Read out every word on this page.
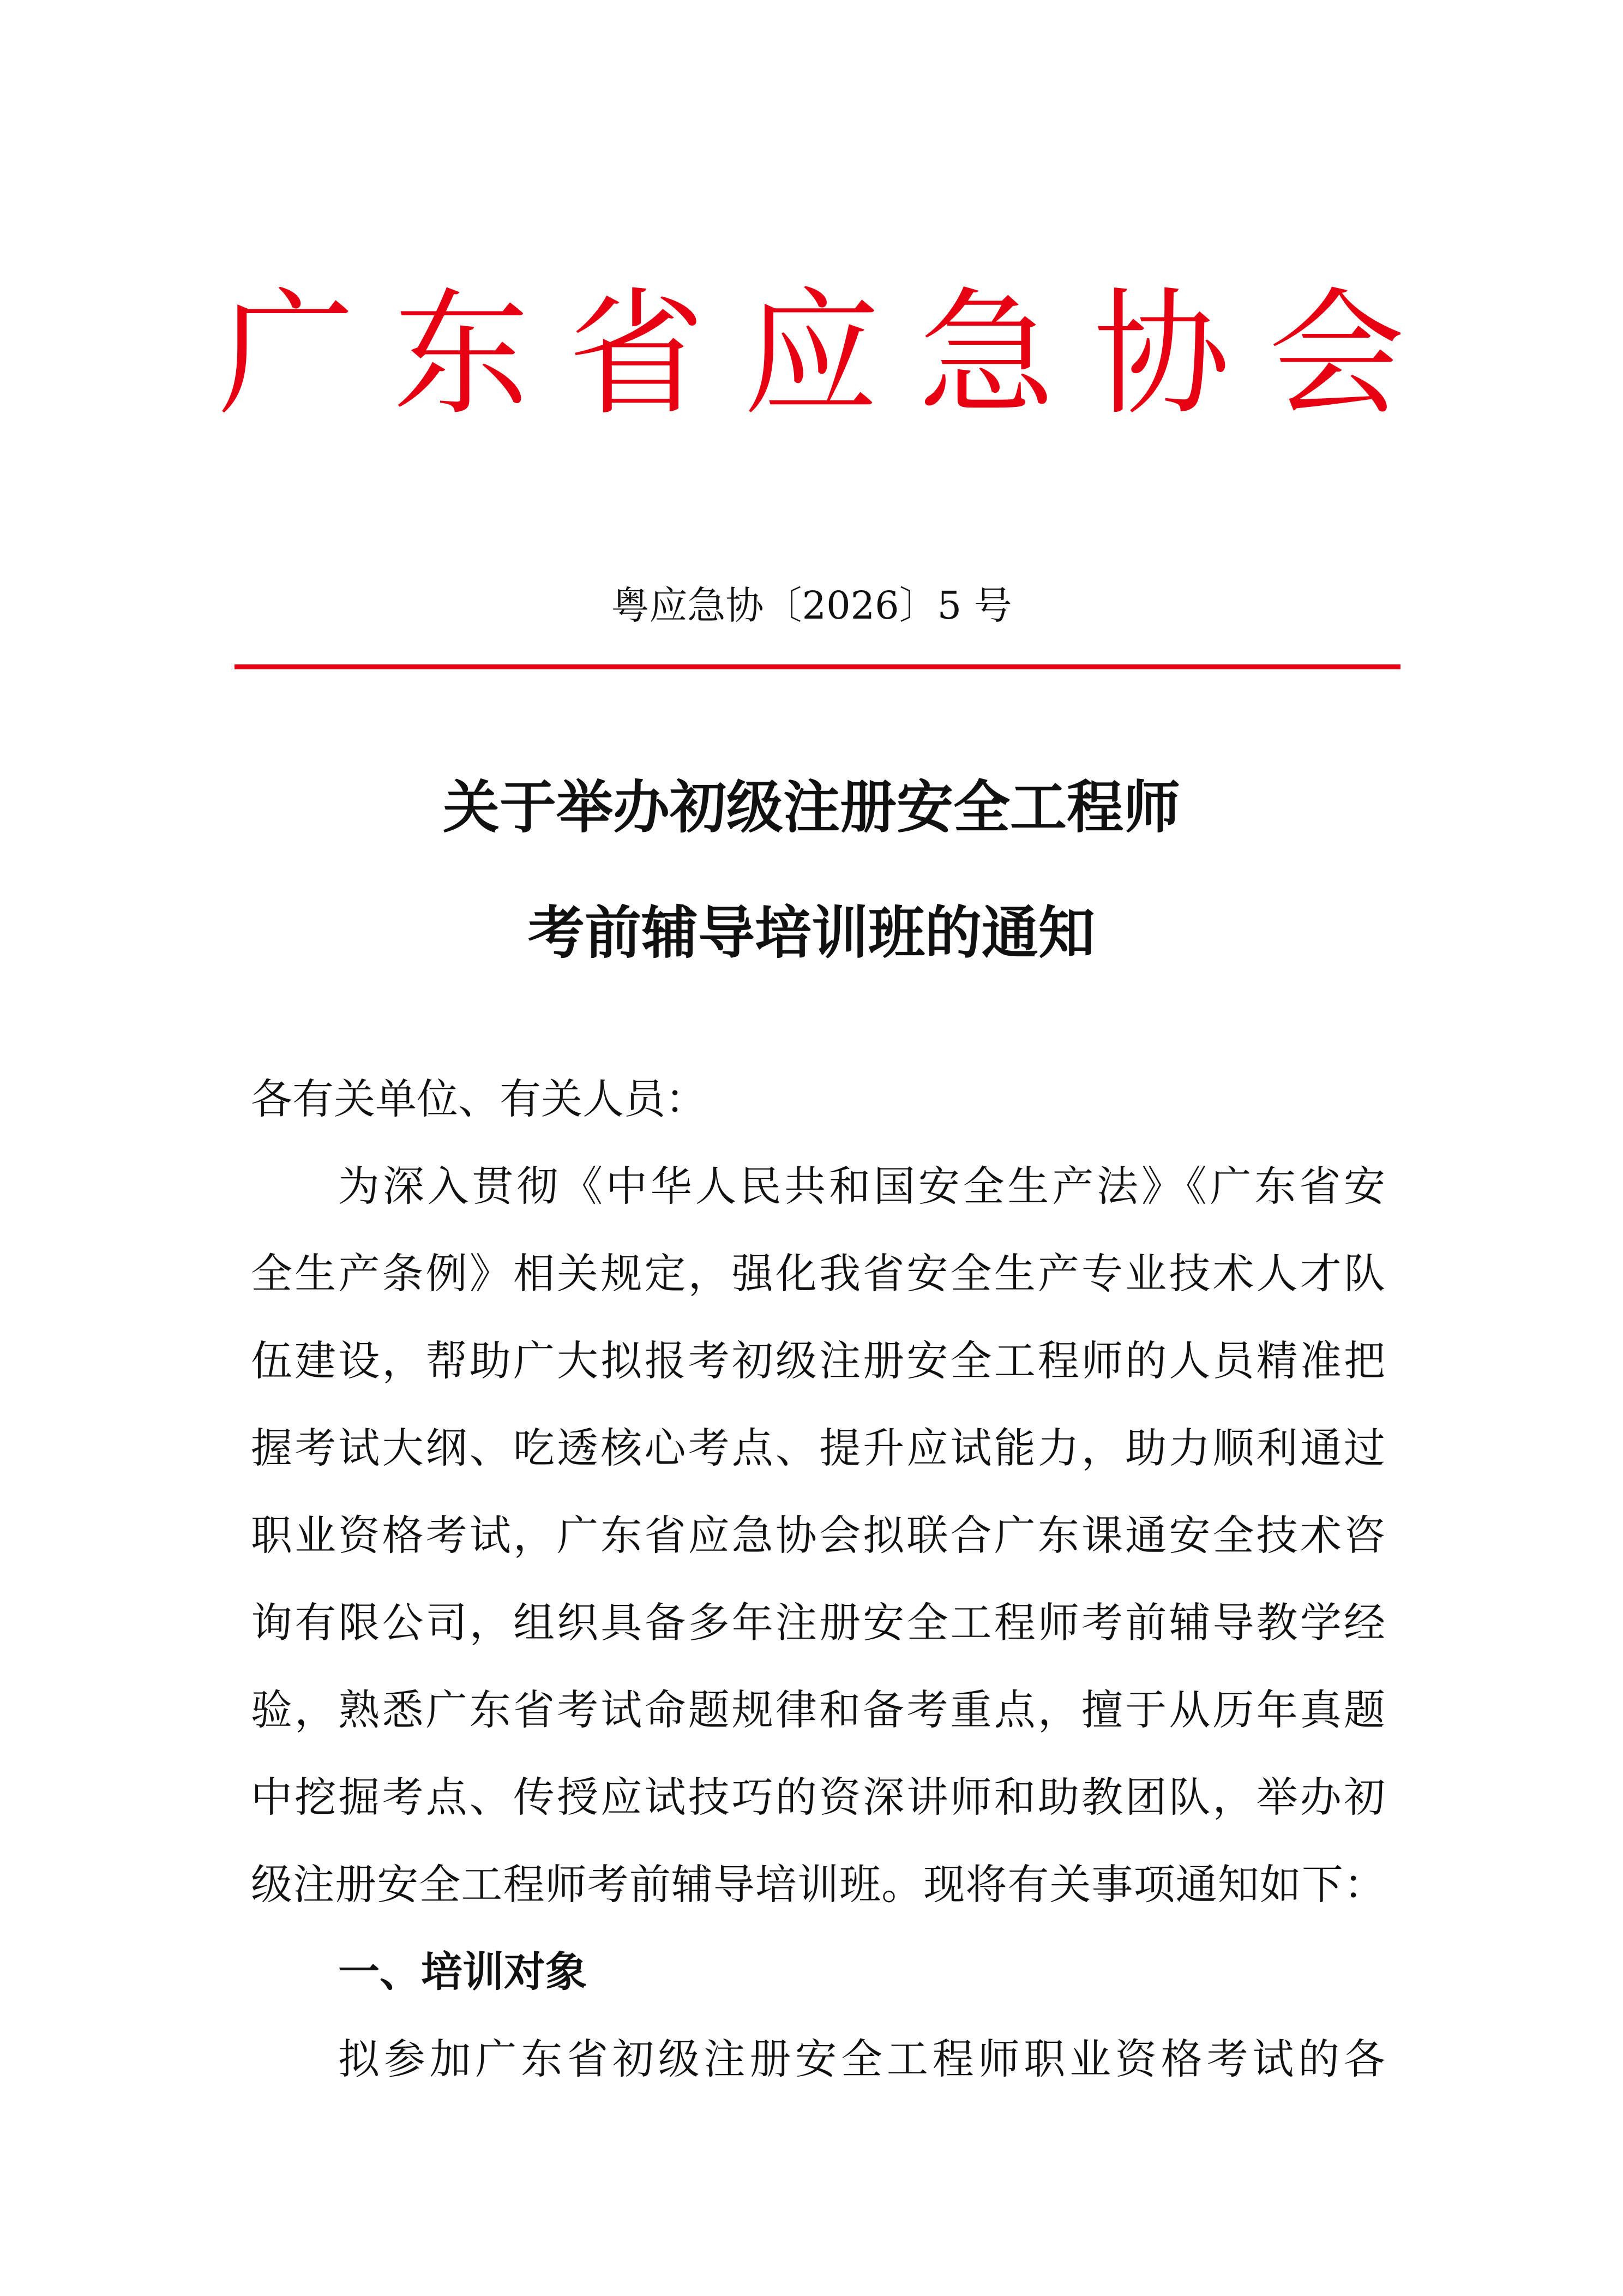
广 东 省 应 急 协 会
粤应急协〔2026〕5 号
关于举办初级注册安全工程师
考前辅导培训班的通知
各有关单位、有关人员：
为深入贯彻《中华人民共和国安全生产法》《广东省安
全生产条例》相关规定，强化我省安全生产专业技术人才队
伍建设，帮助广大拟报考初级注册安全工程师的人员精准把
握考试大纲、吃透核心考点、提升应试能力，助力顺利通过
职业资格考试，广东省应急协会拟联合广东课通安全技术咨
询有限公司，组织具备多年注册安全工程师考前辅导教学经
验，熟悉广东省考试命题规律和备考重点，擅于从历年真题
中挖掘考点、传授应试技巧的资深讲师和助教团队，举办初
级注册安全工程师考前辅导培训班。现将有关事项通知如下：
一、培训对象
拟参加广东省初级注册安全工程师职业资格考试的各
